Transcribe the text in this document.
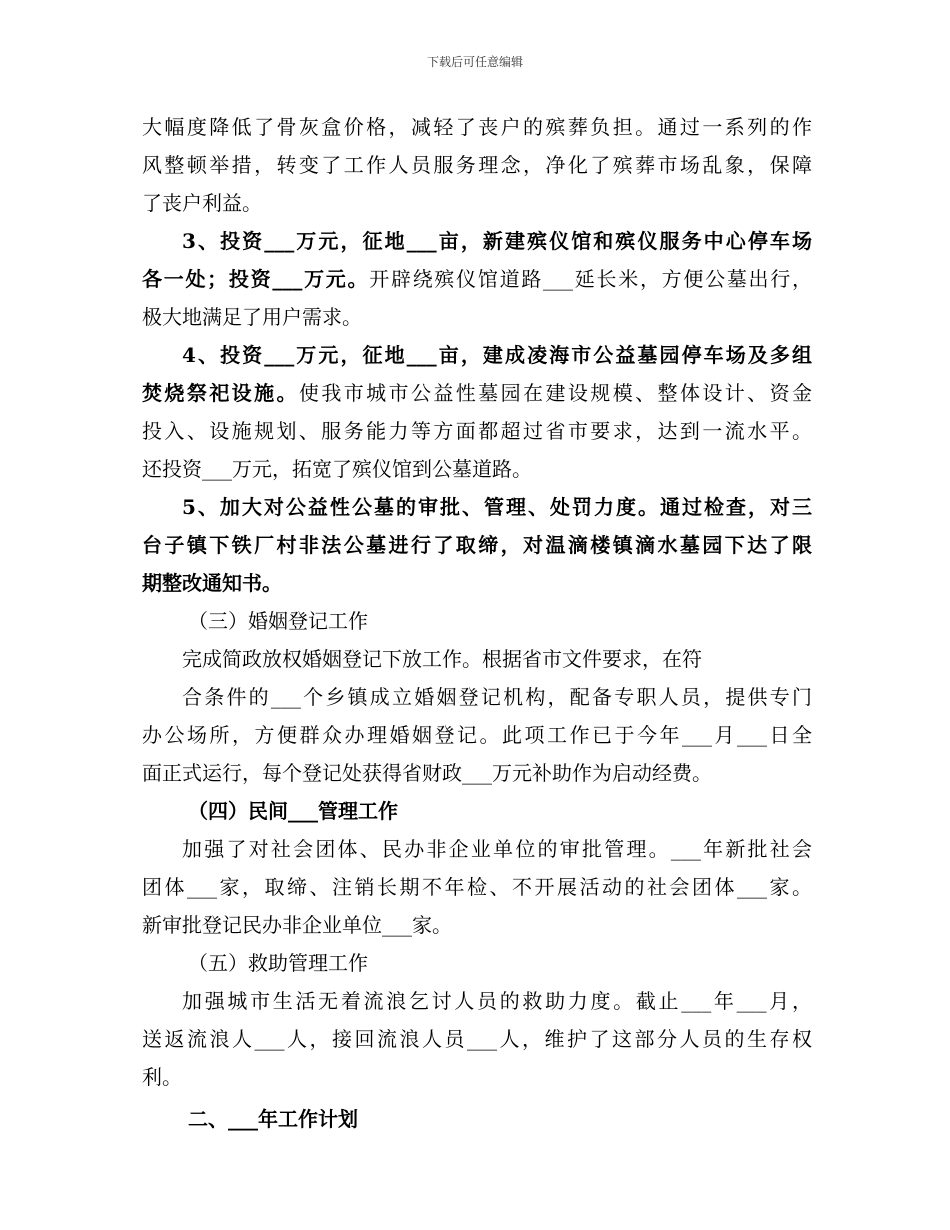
下载后可任意编辑
大幅度降低了骨灰盒价格，减轻了丧户的殡葬负担。通过一系列的作
风整顿举措，转变了工作人员服务理念，净化了殡葬市场乱象，保障
了丧户利益。
3、投资___万元，征地___亩，新建殡仪馆和殡仪服务中心停车场
各一处；投资___万元。开辟绕殡仪馆道路___延长米，方便公墓出行，
极大地满足了用户需求。
4、投资___万元，征地___亩，建成凌海市公益墓园停车场及多组
焚烧祭祀设施。使我市城市公益性墓园在建设规模、整体设计、资金
投入、设施规划、服务能力等方面都超过省市要求，达到一流水平。
还投资___万元，拓宽了殡仪馆到公墓道路。
5、加大对公益性公墓的审批、管理、处罚力度。通过检查，对三
台子镇下铁厂村非法公墓进行了取缔，对温滴楼镇滴水墓园下达了限
期整改通知书。
（三）婚姻登记工作
完成简政放权婚姻登记下放工作。根据省市文件要求，在符
合条件的___个乡镇成立婚姻登记机构，配备专职人员，提供专门
办公场所，方便群众办理婚姻登记。此项工作已于今年___月___日全
面正式运行，每个登记处获得省财政___万元补助作为启动经费。
（四）民间___管理工作
加强了对社会团体、民办非企业单位的审批管理。___年新批社会
团体___家，取缔、注销长期不年检、不开展活动的社会团体___家。
新审批登记民办非企业单位___家。
（五）救助管理工作
加强城市生活无着流浪乞讨人员的救助力度。截止___年___月，
送返流浪人___人，接回流浪人员___人，维护了这部分人员的生存权
利。
二、___年工作计划
